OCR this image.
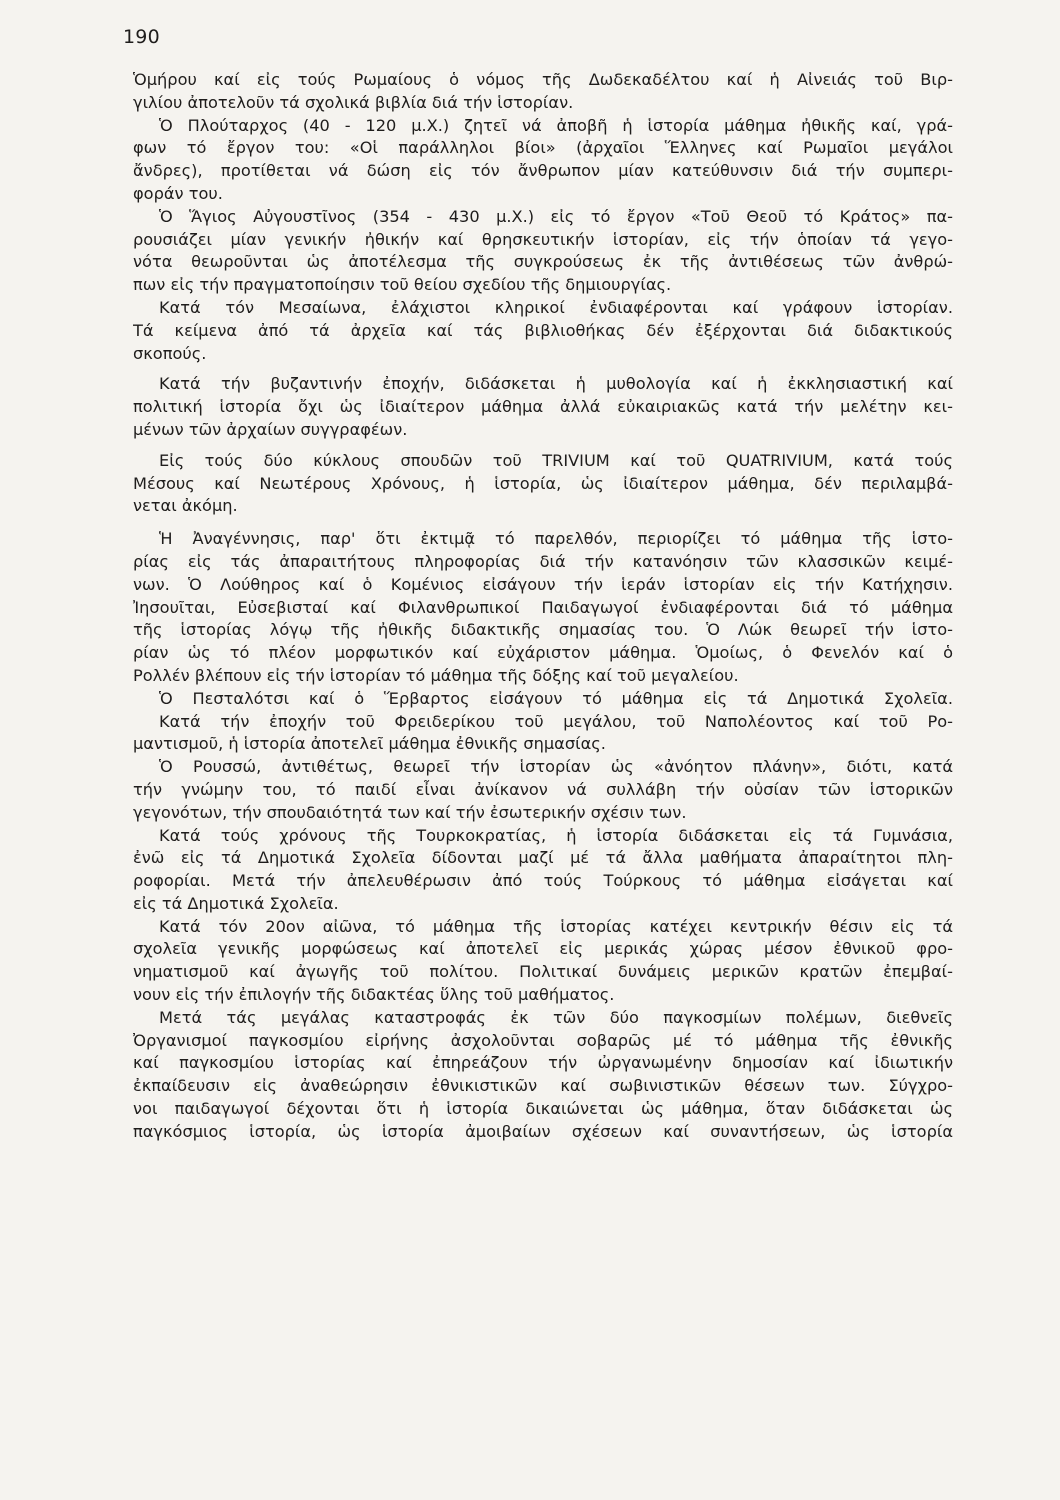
190
Ὁμήρου καί εἰς τούς Ρωμαίους ὁ νόμος τῆς Δωδεκαδέλτου καί ἡ Αἰνειάς τοῦ Βιρ-
γιλίου ἀποτελοῦν τά σχολικά βιβλία διά τήν ἱστορίαν.
Ὁ Πλούταρχος (40 - 120 μ.Χ.) ζητεῖ νά ἀποβῆ ἡ ἱστορία μάθημα ἠθικῆς καί, γρά-
φων τό ἔργον του: «Οἱ παράλληλοι βίοι» (ἀρχαῖοι Ἕλληνες καί Ρωμαῖοι μεγάλοι
ἄνδρες), προτίθεται νά δώση εἰς τόν ἄνθρωπον μίαν κατεύθυνσιν διά τήν συμπερι-
φοράν του.
Ὁ Ἅγιος Αὐγουστῖνος (354 - 430 μ.Χ.) εἰς τό ἔργον «Τοῦ Θεοῦ τό Κράτος» πα-
ρουσιάζει μίαν γενικήν ἠθικήν καί θρησκευτικήν ἱστορίαν, εἰς τήν ὁποίαν τά γεγο-
νότα θεωροῦνται ὡς ἀποτέλεσμα τῆς συγκρούσεως ἐκ τῆς ἀντιθέσεως τῶν ἀνθρώ-
πων εἰς τήν πραγματοποίησιν τοῦ θείου σχεδίου τῆς δημιουργίας.
Κατά τόν Μεσαίωνα, ἐλάχιστοι κληρικοί ἐνδιαφέρονται καί γράφουν ἱστορίαν.
Τά κείμενα ἀπό τά ἀρχεῖα καί τάς βιβλιοθήκας δέν ἐξέρχονται διά διδακτικούς
σκοπούς.
Κατά τήν βυζαντινήν ἐποχήν, διδάσκεται ἡ μυθολογία καί ἡ ἐκκλησιαστική καί
πολιτική ἱστορία ὄχι ὡς ἰδιαίτερον μάθημα ἀλλά εὐκαιριακῶς κατά τήν μελέτην κει-
μένων τῶν ἀρχαίων συγγραφέων.
Εἰς τούς δύο κύκλους σπουδῶν τοῦ TRIVIUM καί τοῦ QUATRIVIUM, κατά τούς
Μέσους καί Νεωτέρους Χρόνους, ἡ ἱστορία, ὡς ἰδιαίτερον μάθημα, δέν περιλαμβά-
νεται ἀκόμη.
Ἡ Ἀναγέννησις, παρ' ὅτι ἐκτιμᾷ τό παρελθόν, περιορίζει τό μάθημα τῆς ἱστο-
ρίας εἰς τάς ἀπαραιτήτους πληροφορίας διά τήν κατανόησιν τῶν κλασσικῶν κειμέ-
νων. Ὁ Λούθηρος καί ὁ Κομένιος εἰσάγουν τήν ἱεράν ἱστορίαν εἰς τήν Κατήχησιν.
Ἰησουῖται, Εὐσεβισταί καί Φιλανθρωπικοί Παιδαγωγοί ἐνδιαφέρονται διά τό μάθημα
τῆς ἱστορίας λόγῳ τῆς ἠθικῆς διδακτικῆς σημασίας του. Ὁ Λώκ θεωρεῖ τήν ἱστο-
ρίαν ὡς τό πλέον μορφωτικόν καί εὐχάριστον μάθημα. Ὁμοίως, ὁ Φενελόν καί ὁ
Ρολλέν βλέπουν εἰς τήν ἱστορίαν τό μάθημα τῆς δόξης καί τοῦ μεγαλείου.
Ὁ Πεσταλότσι καί ὁ Ἕρβαρτος εἰσάγουν τό μάθημα εἰς τά Δημοτικά Σχολεῖα.
Κατά τήν ἐποχήν τοῦ Φρειδερίκου τοῦ μεγάλου, τοῦ Ναπολέοντος καί τοῦ Ρο-
μαντισμοῦ, ἡ ἱστορία ἀποτελεῖ μάθημα ἐθνικῆς σημασίας.
Ὁ Ρουσσώ, ἀντιθέτως, θεωρεῖ τήν ἱστορίαν ὡς «ἀνόητον πλάνην», διότι, κατά
τήν γνώμην του, τό παιδί εἶναι ἀνίκανον νά συλλάβη τήν οὐσίαν τῶν ἱστορικῶν
γεγονότων, τήν σπουδαιότητά των καί τήν ἐσωτερικήν σχέσιν των.
Κατά τούς χρόνους τῆς Τουρκοκρατίας, ἡ ἱστορία διδάσκεται εἰς τά Γυμνάσια,
ἐνῶ εἰς τά Δημοτικά Σχολεῖα δίδονται μαζί μέ τά ἄλλα μαθήματα ἀπαραίτητοι πλη-
ροφορίαι. Μετά τήν ἀπελευθέρωσιν ἀπό τούς Τούρκους τό μάθημα εἰσάγεται καί
εἰς τά Δημοτικά Σχολεῖα.
Κατά τόν 20ον αἰῶνα, τό μάθημα τῆς ἱστορίας κατέχει κεντρικήν θέσιν εἰς τά
σχολεῖα γενικῆς μορφώσεως καί ἀποτελεῖ εἰς μερικάς χώρας μέσον ἐθνικοῦ φρο-
νηματισμοῦ καί ἀγωγῆς τοῦ πολίτου. Πολιτικαί δυνάμεις μερικῶν κρατῶν ἐπεμβαί-
νουν εἰς τήν ἐπιλογήν τῆς διδακτέας ὕλης τοῦ μαθήματος.
Μετά τάς μεγάλας καταστροφάς ἐκ τῶν δύο παγκοσμίων πολέμων, διεθνεῖς
Ὀργανισμοί παγκοσμίου εἰρήνης ἀσχολοῦνται σοβαρῶς μέ τό μάθημα τῆς ἐθνικῆς
καί παγκοσμίου ἱστορίας καί ἐπηρεάζουν τήν ὠργανωμένην δημοσίαν καί ἰδιωτικήν
ἐκπαίδευσιν εἰς ἀναθεώρησιν ἐθνικιστικῶν καί σωβινιστικῶν θέσεων των. Σύγχρο-
νοι παιδαγωγοί δέχονται ὅτι ἡ ἱστορία δικαιώνεται ὡς μάθημα, ὅταν διδάσκεται ὡς
παγκόσμιος ἱστορία, ὡς ἱστορία ἀμοιβαίων σχέσεων καί συναντήσεων, ὡς ἱστορία
